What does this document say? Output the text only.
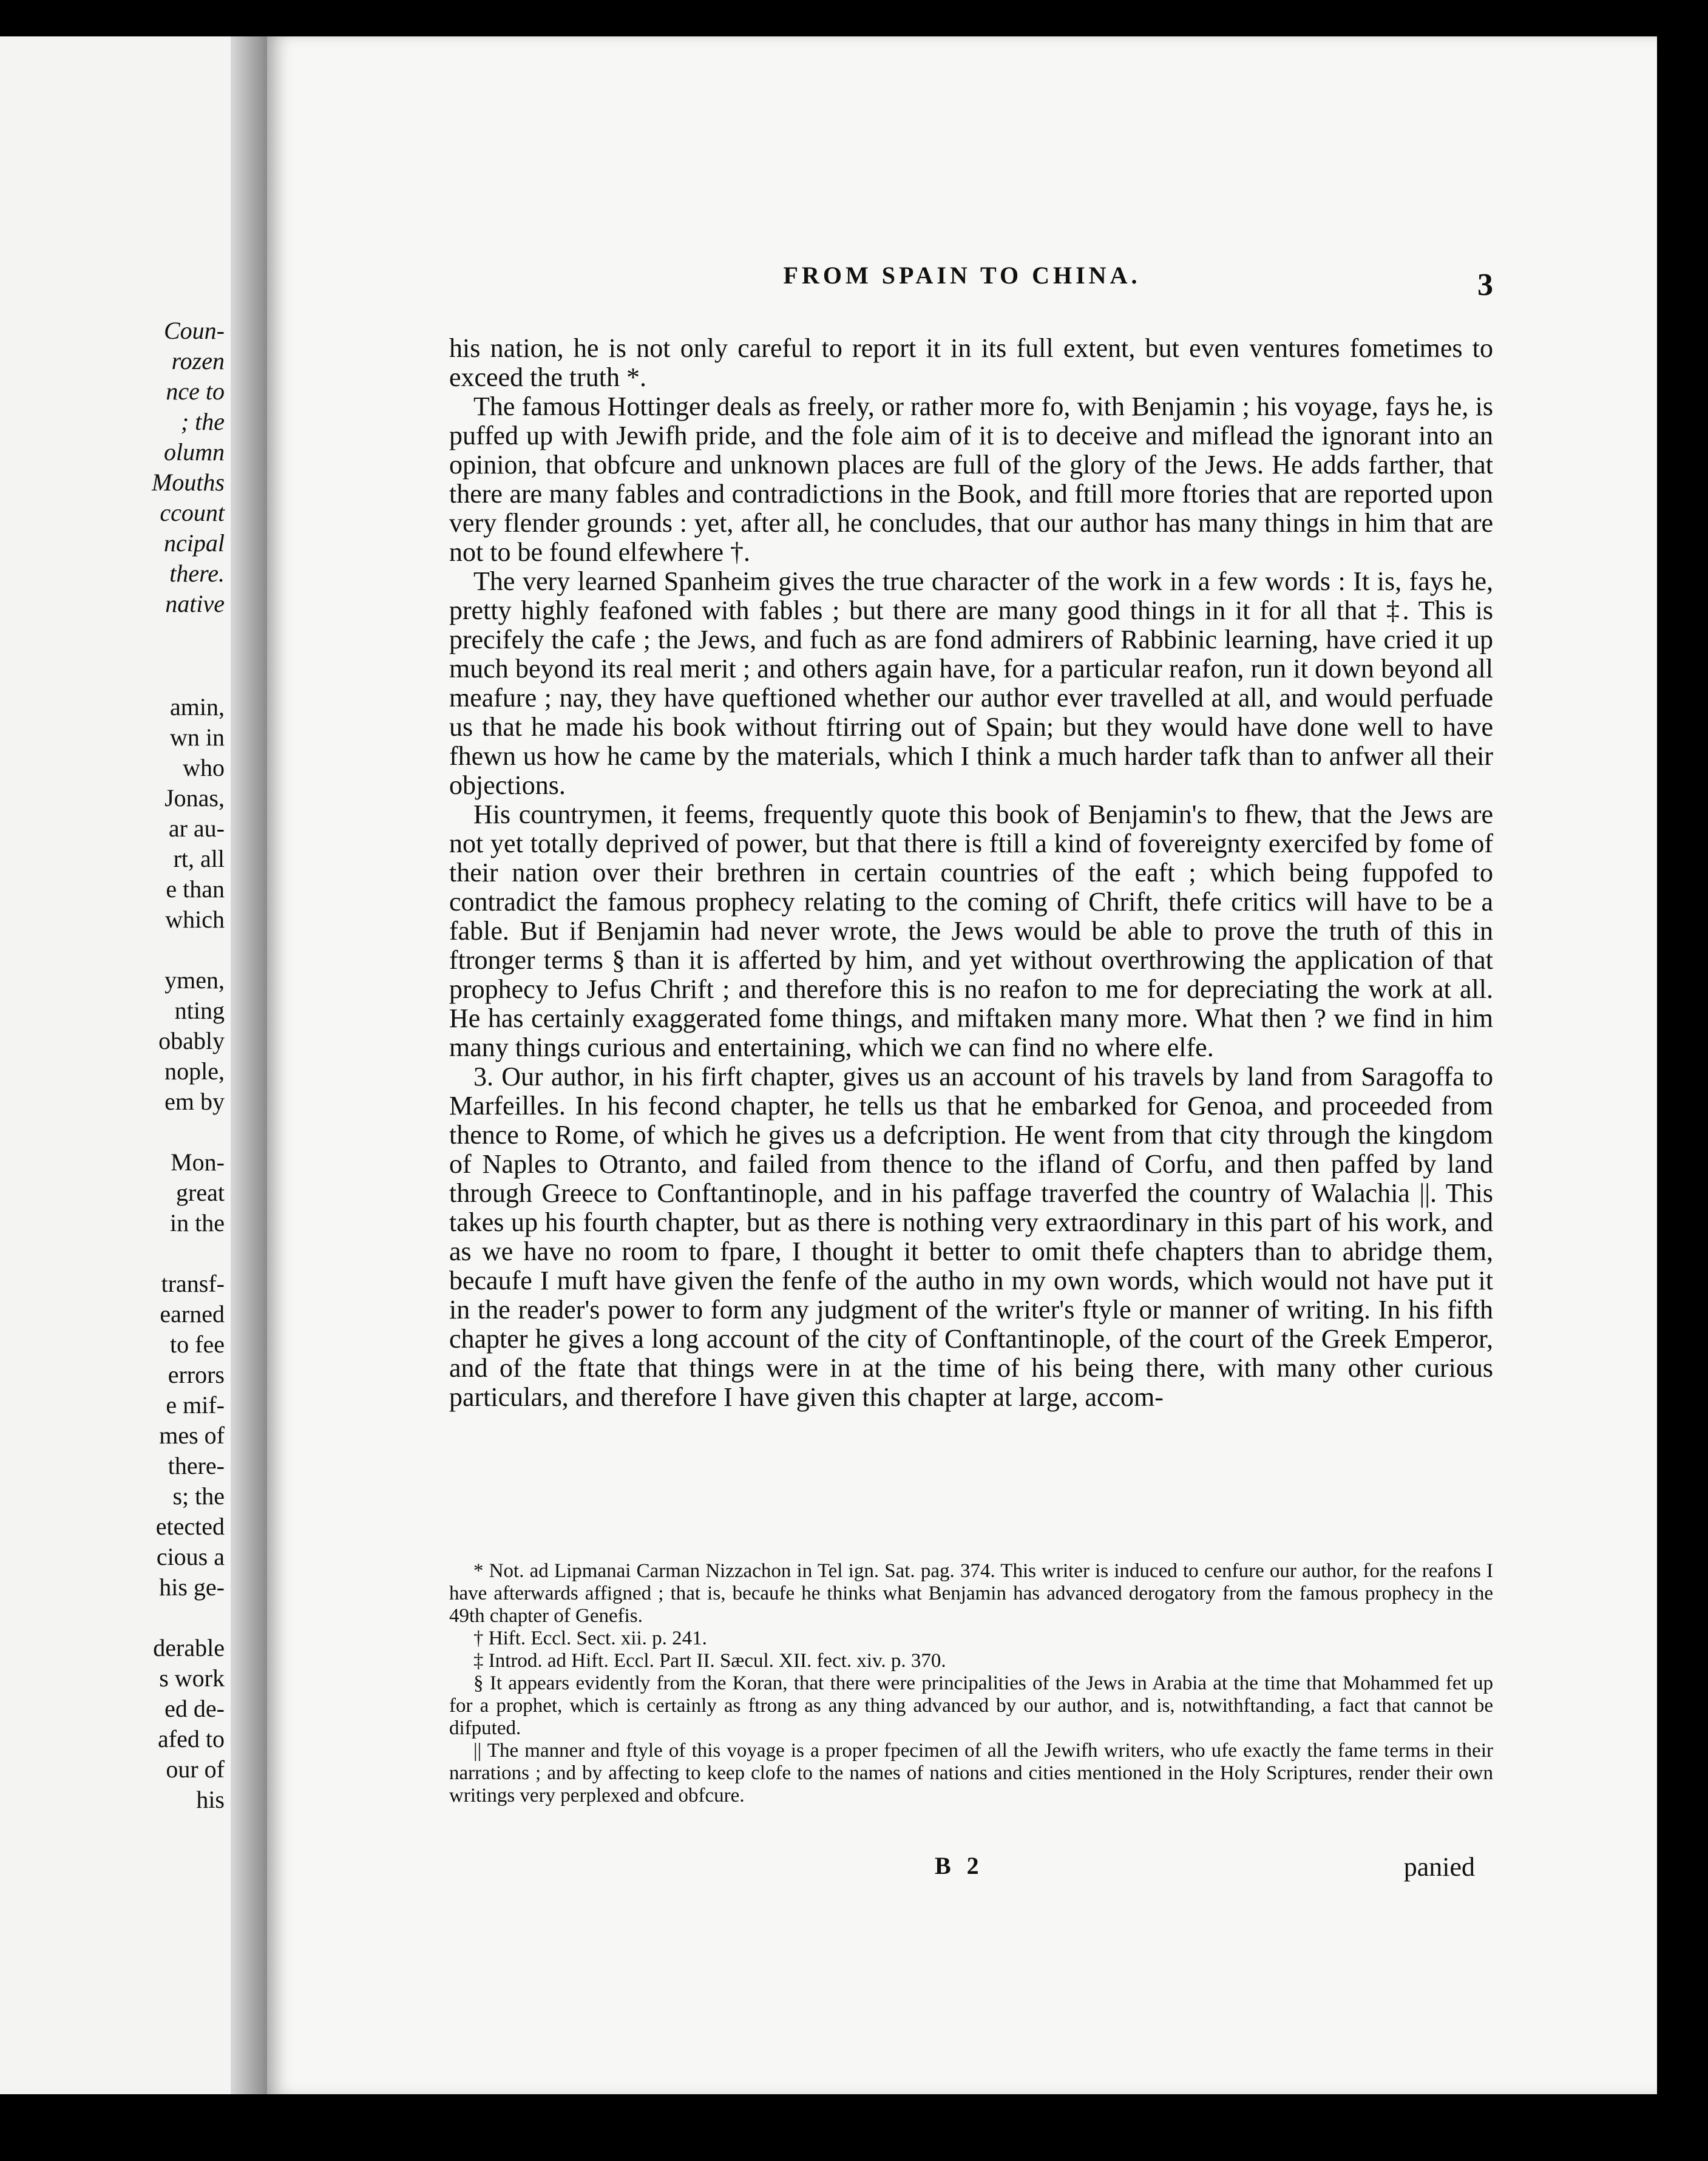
Coun-
rozen
nce to
; the
olumn
Mouths
ccount
ncipal
there.
native
amin,
wn in
who
Jonas,
ar au-
rt, all
e than
which
ymen,
nting
obably
nople,
em by
Mon-
great
in the
transf-
earned
to fee
errors
e mif-
mes of
there-
s; the
etected
cious a
his ge-
derable
s work
ed de-
afed to
our of
his
FROM SPAIN TO CHINA.	3

his nation, he is not only careful to report it in its full extent, but even ventures fometimes to exceed the truth *.

The famous Hottinger deals as freely, or rather more fo, with Benjamin ; his voyage, fays he, is puffed up with Jewifh pride, and the fole aim of it is to deceive and miflead the ignorant into an opinion, that obfcure and unknown places are full of the glory of the Jews. He adds farther, that there are many fables and contradictions in the Book, and ftill more ftories that are reported upon very flender grounds : yet, after all, he concludes, that our author has many things in him that are not to be found elfewhere †.

The very learned Spanheim gives the true character of the work in a few words : It is, fays he, pretty highly feafoned with fables ; but there are many good things in it for all that ‡. This is precifely the cafe ; the Jews, and fuch as are fond admirers of Rabbinic learning, have cried it up much beyond its real merit ; and others again have, for a particular reafon, run it down beyond all meafure ; nay, they have queftioned whether our author ever travelled at all, and would perfuade us that he made his book without ftirring out of Spain; but they would have done well to have fhewn us how he came by the materials, which I think a much harder tafk than to anfwer all their objections.

His countrymen, it feems, frequently quote this book of Benjamin's to fhew, that the Jews are not yet totally deprived of power, but that there is ftill a kind of fovereignty exercifed by fome of their nation over their brethren in certain countries of the eaft ; which being fuppofed to contradict the famous prophecy relating to the coming of Chrift, thefe critics will have to be a fable. But if Benjamin had never wrote, the Jews would be able to prove the truth of this in ftronger terms § than it is afferted by him, and yet without overthrowing the application of that prophecy to Jefus Chrift ; and therefore this is no reafon to me for depreciating the work at all. He has certainly exaggerated fome things, and miftaken many more. What then ? we find in him many things curious and entertaining, which we can find no where elfe.

3. Our author, in his firft chapter, gives us an account of his travels by land from Saragoffa to Marfeilles. In his fecond chapter, he tells us that he embarked for Genoa, and proceeded from thence to Rome, of which he gives us a defcription. He went from that city through the kingdom of Naples to Otranto, and failed from thence to the ifland of Corfu, and then paffed by land through Greece to Conftantinople, and in his paffage traverfed the country of Walachia ||. This takes up his fourth chapter, but as there is nothing very extraordinary in this part of his work, and as we have no room to fpare, I thought it better to omit thefe chapters than to abridge them, becaufe I muft have given the fenfe of the autho in my own words, which would not have put it in the reader's power to form any judgment of the writer's ftyle or manner of writing. In his fifth chapter he gives a long account of the city of Conftantinople, of the court of the Greek Emperor, and of the ftate that things were in at the time of his being there, with many other curious particulars, and therefore I have given this chapter at large, accom-

* Not. ad Lipmanai Carman Nizzachon in Tel ign. Sat. pag. 374. This writer is induced to cenfure our author, for the reafons I have afterwards affigned ; that is, becaufe he thinks what Benjamin has advanced derogatory from the famous prophecy in the 49th chapter of Genefis.

† Hift. Eccl. Sect. xii. p. 241.

‡ Introd. ad Hift. Eccl. Part II. Sæcul. XII. fect. xiv. p. 370.

§ It appears evidently from the Koran, that there were principalities of the Jews in Arabia at the time that Mohammed fet up for a prophet, which is certainly as ftrong as any thing advanced by our author, and is, notwithftanding, a fact that cannot be difputed.

|| The manner and ftyle of this voyage is a proper fpecimen of all the Jewifh writers, who ufe exactly the fame terms in their narrations ; and by affecting to keep clofe to the names of nations and cities mentioned in the Holy Scriptures, render their own writings very perplexed and obfcure.

B 2	panied
